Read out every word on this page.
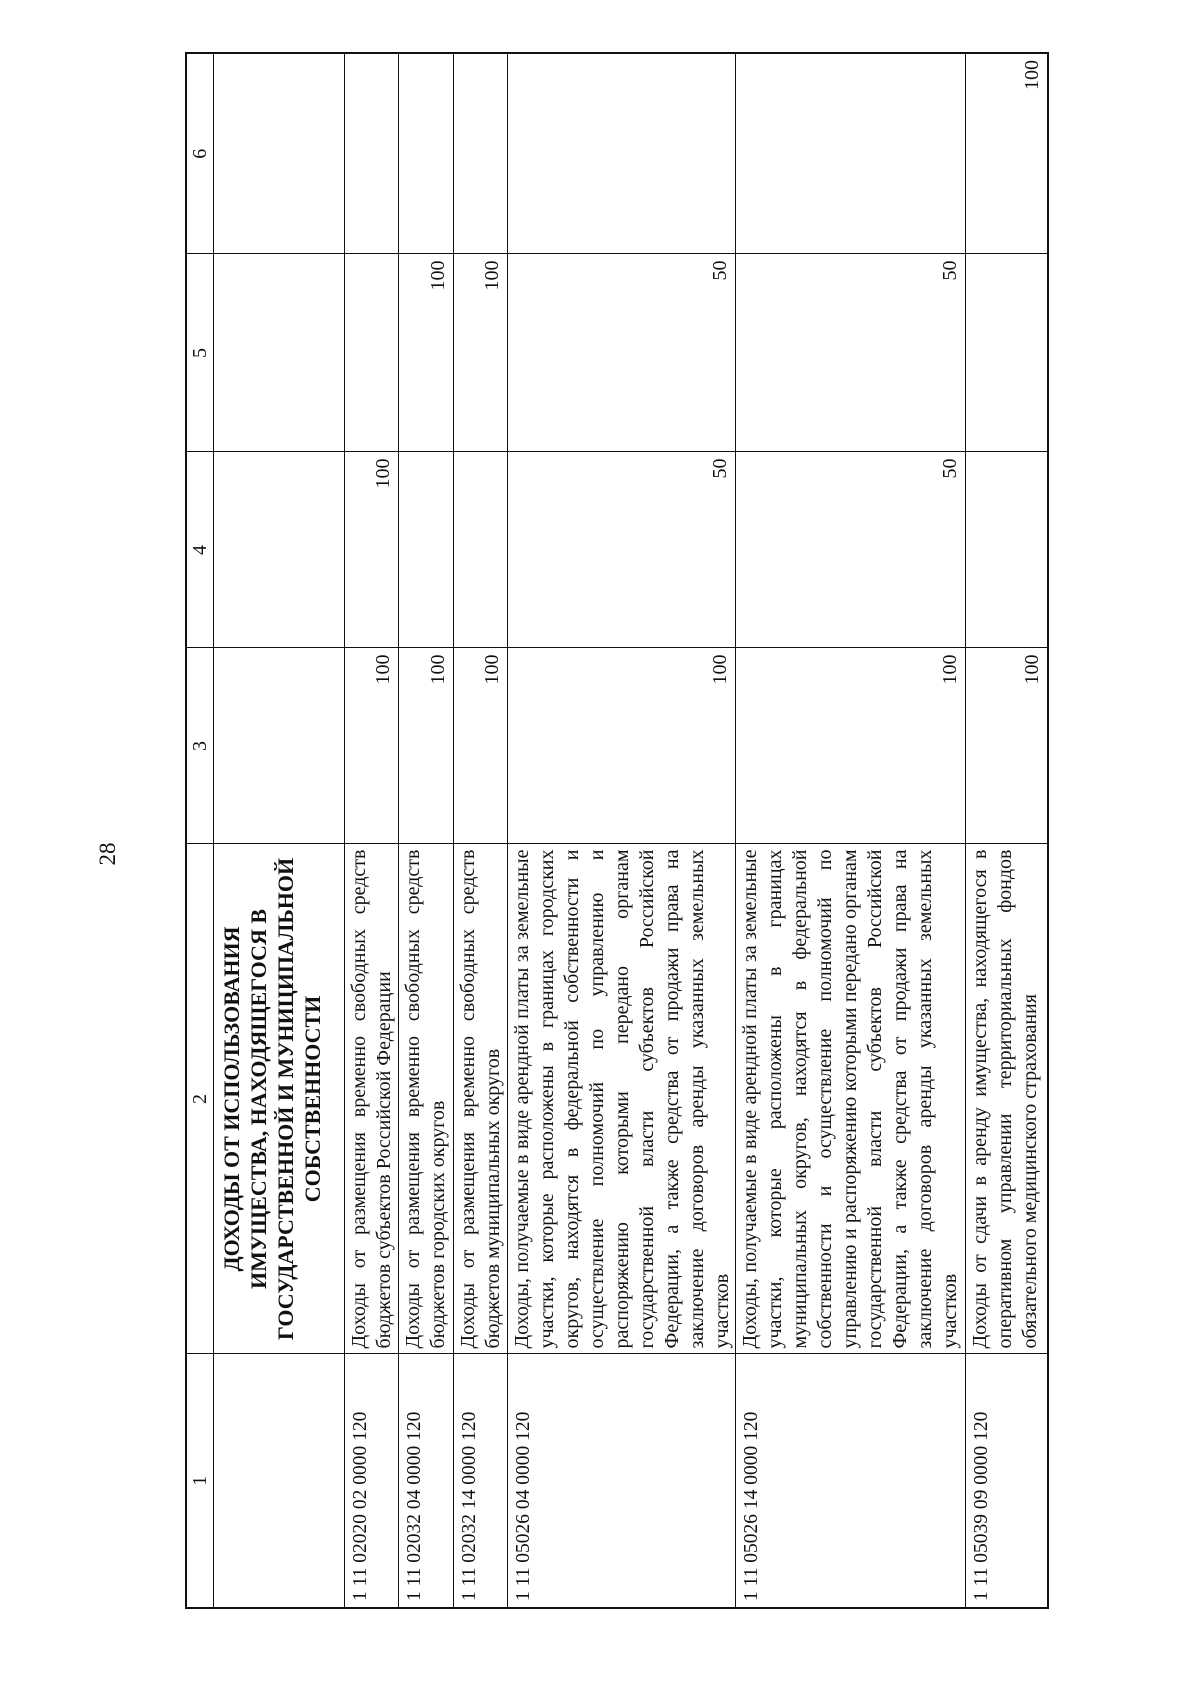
28
1	2	3	4	5	6
	ДОХОДЫ ОТ ИСПОЛЬЗОВАНИЯ ИМУЩЕСТВА, НАХОДЯЩЕГОСЯ В ГОСУДАРСТВЕННОЙ И МУНИЦИПАЛЬНОЙ СОБСТВЕННОСТИ				
1 11 02020 02 0000 120	Доходы от размещения временно свободных средств бюджетов субъектов Российской Федерации	100	100		
1 11 02032 04 0000 120	Доходы от размещения временно свободных средств бюджетов городских округов	100		100	
1 11 02032 14 0000 120	Доходы от размещения временно свободных средств бюджетов муниципальных округов	100		100	
1 11 05026 04 0000 120	Доходы, получаемые в виде арендной платы за земельные участки, которые расположены в границах городских округов, находятся в федеральной собственности и осуществление полномочий по управлению и распоряжению которыми передано органам государственной власти субъектов Российской Федерации, а также средства от продажи права на заключение договоров аренды указанных земельных участков	100	50	50	
1 11 05026 14 0000 120	Доходы, получаемые в виде арендной платы за земельные участки, которые расположены в границах муниципальных округов, находятся в федеральной собственности и осуществление полномочий по управлению и распоряжению которыми передано органам государственной власти субъектов Российской Федерации, а также средства от продажи права на заключение договоров аренды указанных земельных участков	100	50	50	
1 11 05039 09 0000 120	Доходы от сдачи в аренду имущества, находящегося в оперативном управлении территориальных фондов обязательного медицинского страхования	100			100
